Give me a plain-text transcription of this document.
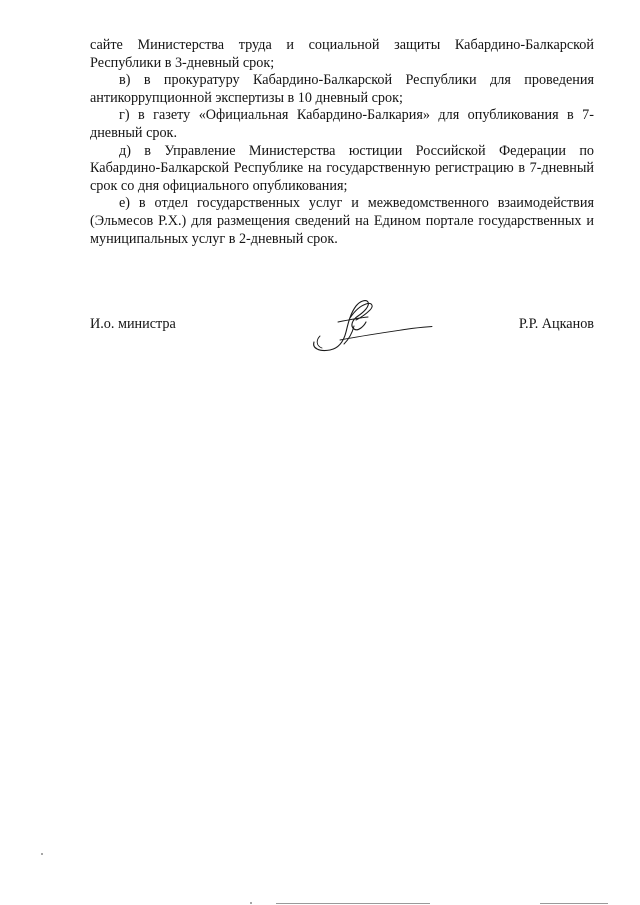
сайте Министерства труда и социальной защиты Кабардино-Балкарской Республики в 3-дневный срок;

в) в прокуратуру Кабардино-Балкарской Республики для проведения антикоррупционной экспертизы в 10 дневный срок;

г) в газету «Официальная Кабардино-Балкария» для опубликования в 7-дневный срок.

д) в Управление Министерства юстиции Российской Федерации по Кабардино-Балкарской Республике на государственную регистрацию в 7-дневный срок со дня официального опубликования;

е) в отдел государственных услуг и межведомственного взаимодействия (Эльмесов Р.Х.) для размещения сведений на Едином портале государственных и муниципальных услуг в 2-дневный срок.

И.о. министра	Р.Р. Ацканов
